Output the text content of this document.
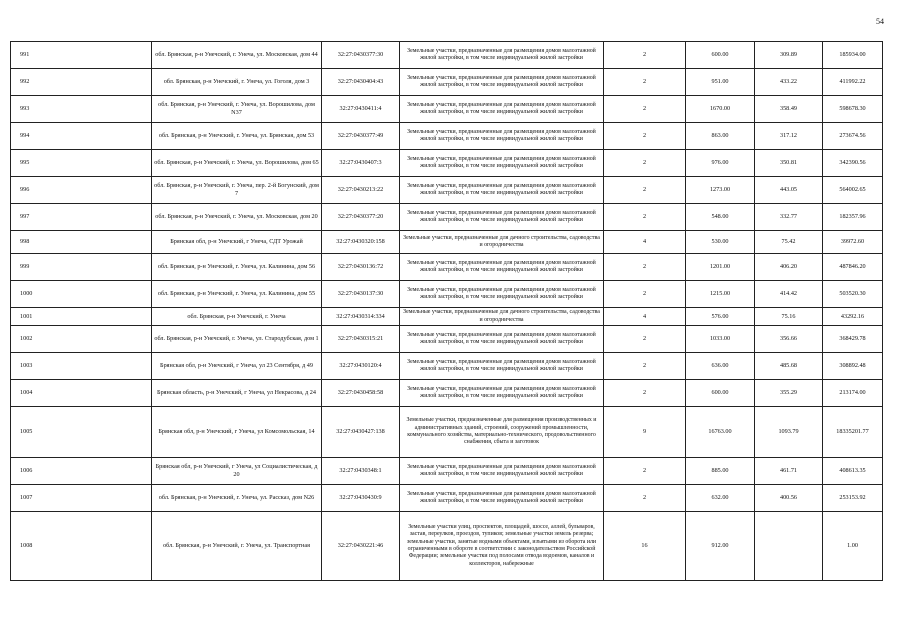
54
991	обл. Брянская, р-н Унечский, г. Унеча, ул. Московская, дом 44	32:27:0430377:30	Земельные участки, предназначенные для размещения домов малоэтажной жилой застройки, в том числе индивидуальной жилой застройки	2	600.00	309.89	185934.00
992	обл. Брянская, р-н Унечский, г. Унеча, ул. Гоголя, дом 3	32:27:0430404:43	Земельные участки, предназначенные для размещения домов малоэтажной жилой застройки, в том числе индивидуальной жилой застройки	2	951.00	433.22	411992.22
993	обл. Брянская, р-н Унечский, г. Унеча, ул. Ворошилова, дом N37	32:27:0430411:4	Земельные участки, предназначенные для размещения домов малоэтажной жилой застройки, в том числе индивидуальной жилой застройки	2	1670.00	358.49	598678.30
994	обл. Брянская, р-н Унечский, г. Унеча, ул. Брянская, дом 53	32:27:0430377:49	Земельные участки, предназначенные для размещения домов малоэтажной жилой застройки, в том числе индивидуальной жилой застройки	2	863.00	317.12	273674.56
995	обл. Брянская, р-н Унечский, г. Унеча, ул. Ворошилова, дом 65	32:27:0430407:3	Земельные участки, предназначенные для размещения домов малоэтажной жилой застройки, в том числе индивидуальной жилой застройки	2	976.00	350.81	342390.56
996	обл. Брянская, р-н Унечский, г. Унеча, пер. 2-й Богунский, дом 7	32:27:0430213:22	Земельные участки, предназначенные для размещения домов малоэтажной жилой застройки, в том числе индивидуальной жилой застройки	2	1273.00	443.05	564002.65
997	обл. Брянская, р-н Унечский, г. Унеча, ул. Московская, дом 20	32:27:0430377:20	Земельные участки, предназначенные для размещения домов малоэтажной жилой застройки, в том числе индивидуальной жилой застройки	2	548.00	332.77	182357.96
998	Брянская обл, р-н Унечский, г Унеча, СДТ Урожай	32:27:0430320:158	Земельные участки, предназначенные для дачного строительства, садоводства и огородничества	4	530.00	75.42	39972.60
999	обл. Брянская, р-н Унечский, г. Унеча, ул. Калинина, дом 56	32:27:0430136:72	Земельные участки, предназначенные для размещения домов малоэтажной жилой застройки, в том числе индивидуальной жилой застройки	2	1201.00	406.20	487846.20
1000	обл. Брянская, р-н Унечский, г. Унеча, ул. Калинина, дом 55	32:27:0430137:30	Земельные участки, предназначенные для размещения домов малоэтажной жилой застройки, в том числе индивидуальной жилой застройки	2	1215.00	414.42	503520.30
1001	обл. Брянская, р-н Унечский, г. Унеча	32:27:0430314:334	Земельные участки, предназначенные для дачного строительства, садоводства и огородничества	4	576.00	75.16	43292.16
1002	обл. Брянская, р-н Унечский, г. Унеча, ул. Стародубская, дом 1	32:27:0430315:21	Земельные участки, предназначенные для размещения домов малоэтажной жилой застройки, в том числе индивидуальной жилой застройки	2	1033.00	356.66	368429.78
1003	Брянская обл, р-н Унечский, г Унеча, ул 23 Сентября, д 49	32:27:0430120:4	Земельные участки, предназначенные для размещения домов малоэтажной жилой застройки, в том числе индивидуальной жилой застройки	2	636.00	485.68	308892.48
1004	Брянская область, р-н Унечский, г Унеча, ул Некрасова, д 24	32:27:0430458:58	Земельные участки, предназначенные для размещения домов малоэтажной жилой застройки, в том числе индивидуальной жилой застройки	2	600.00	355.29	213174.00
1005	Брянская обл, р-н Унечский, г Унеча, ул Комсомольская, 14	32:27:0430427:138	Земельные участки, предназначенные для размещения производственных и административных зданий, строений, сооружений промышленности, коммунального хозяйства, материально-технического, продовольственного снабжения, сбыта и заготовок	9	16763.00	1093.79	18335201.77
1006	Брянская обл, р-н Унечский, г Унеча, ул Социалистическая, д 20	32:27:0430348:1	Земельные участки, предназначенные для размещения домов малоэтажной жилой застройки, в том числе индивидуальной жилой застройки	2	885.00	461.71	408613.35
1007	обл. Брянская, р-н Унечский, г. Унеча, ул. Рассказ, дом N26	32:27:0430430:9	Земельные участки, предназначенные для размещения домов малоэтажной жилой застройки, в том числе индивидуальной жилой застройки	2	632.00	400.56	253153.92
1008	обл. Брянская, р-н Унечский, г. Унеча, ул. Транспортная	32:27:0430221:46	Земельные участки улиц, проспектов, площадей, шоссе, аллей, бульваров, застав, переулков, проездов, тупиков; земельные участки земель резерва; земельные участки, занятые водными объектами, изъятыми из оборота или ограниченными в обороте в соответствии с законодательством Российской Федерации; земельные участки под полосами отвода водоемов, каналов и коллекторов, набережные	16	912.00		1.00
